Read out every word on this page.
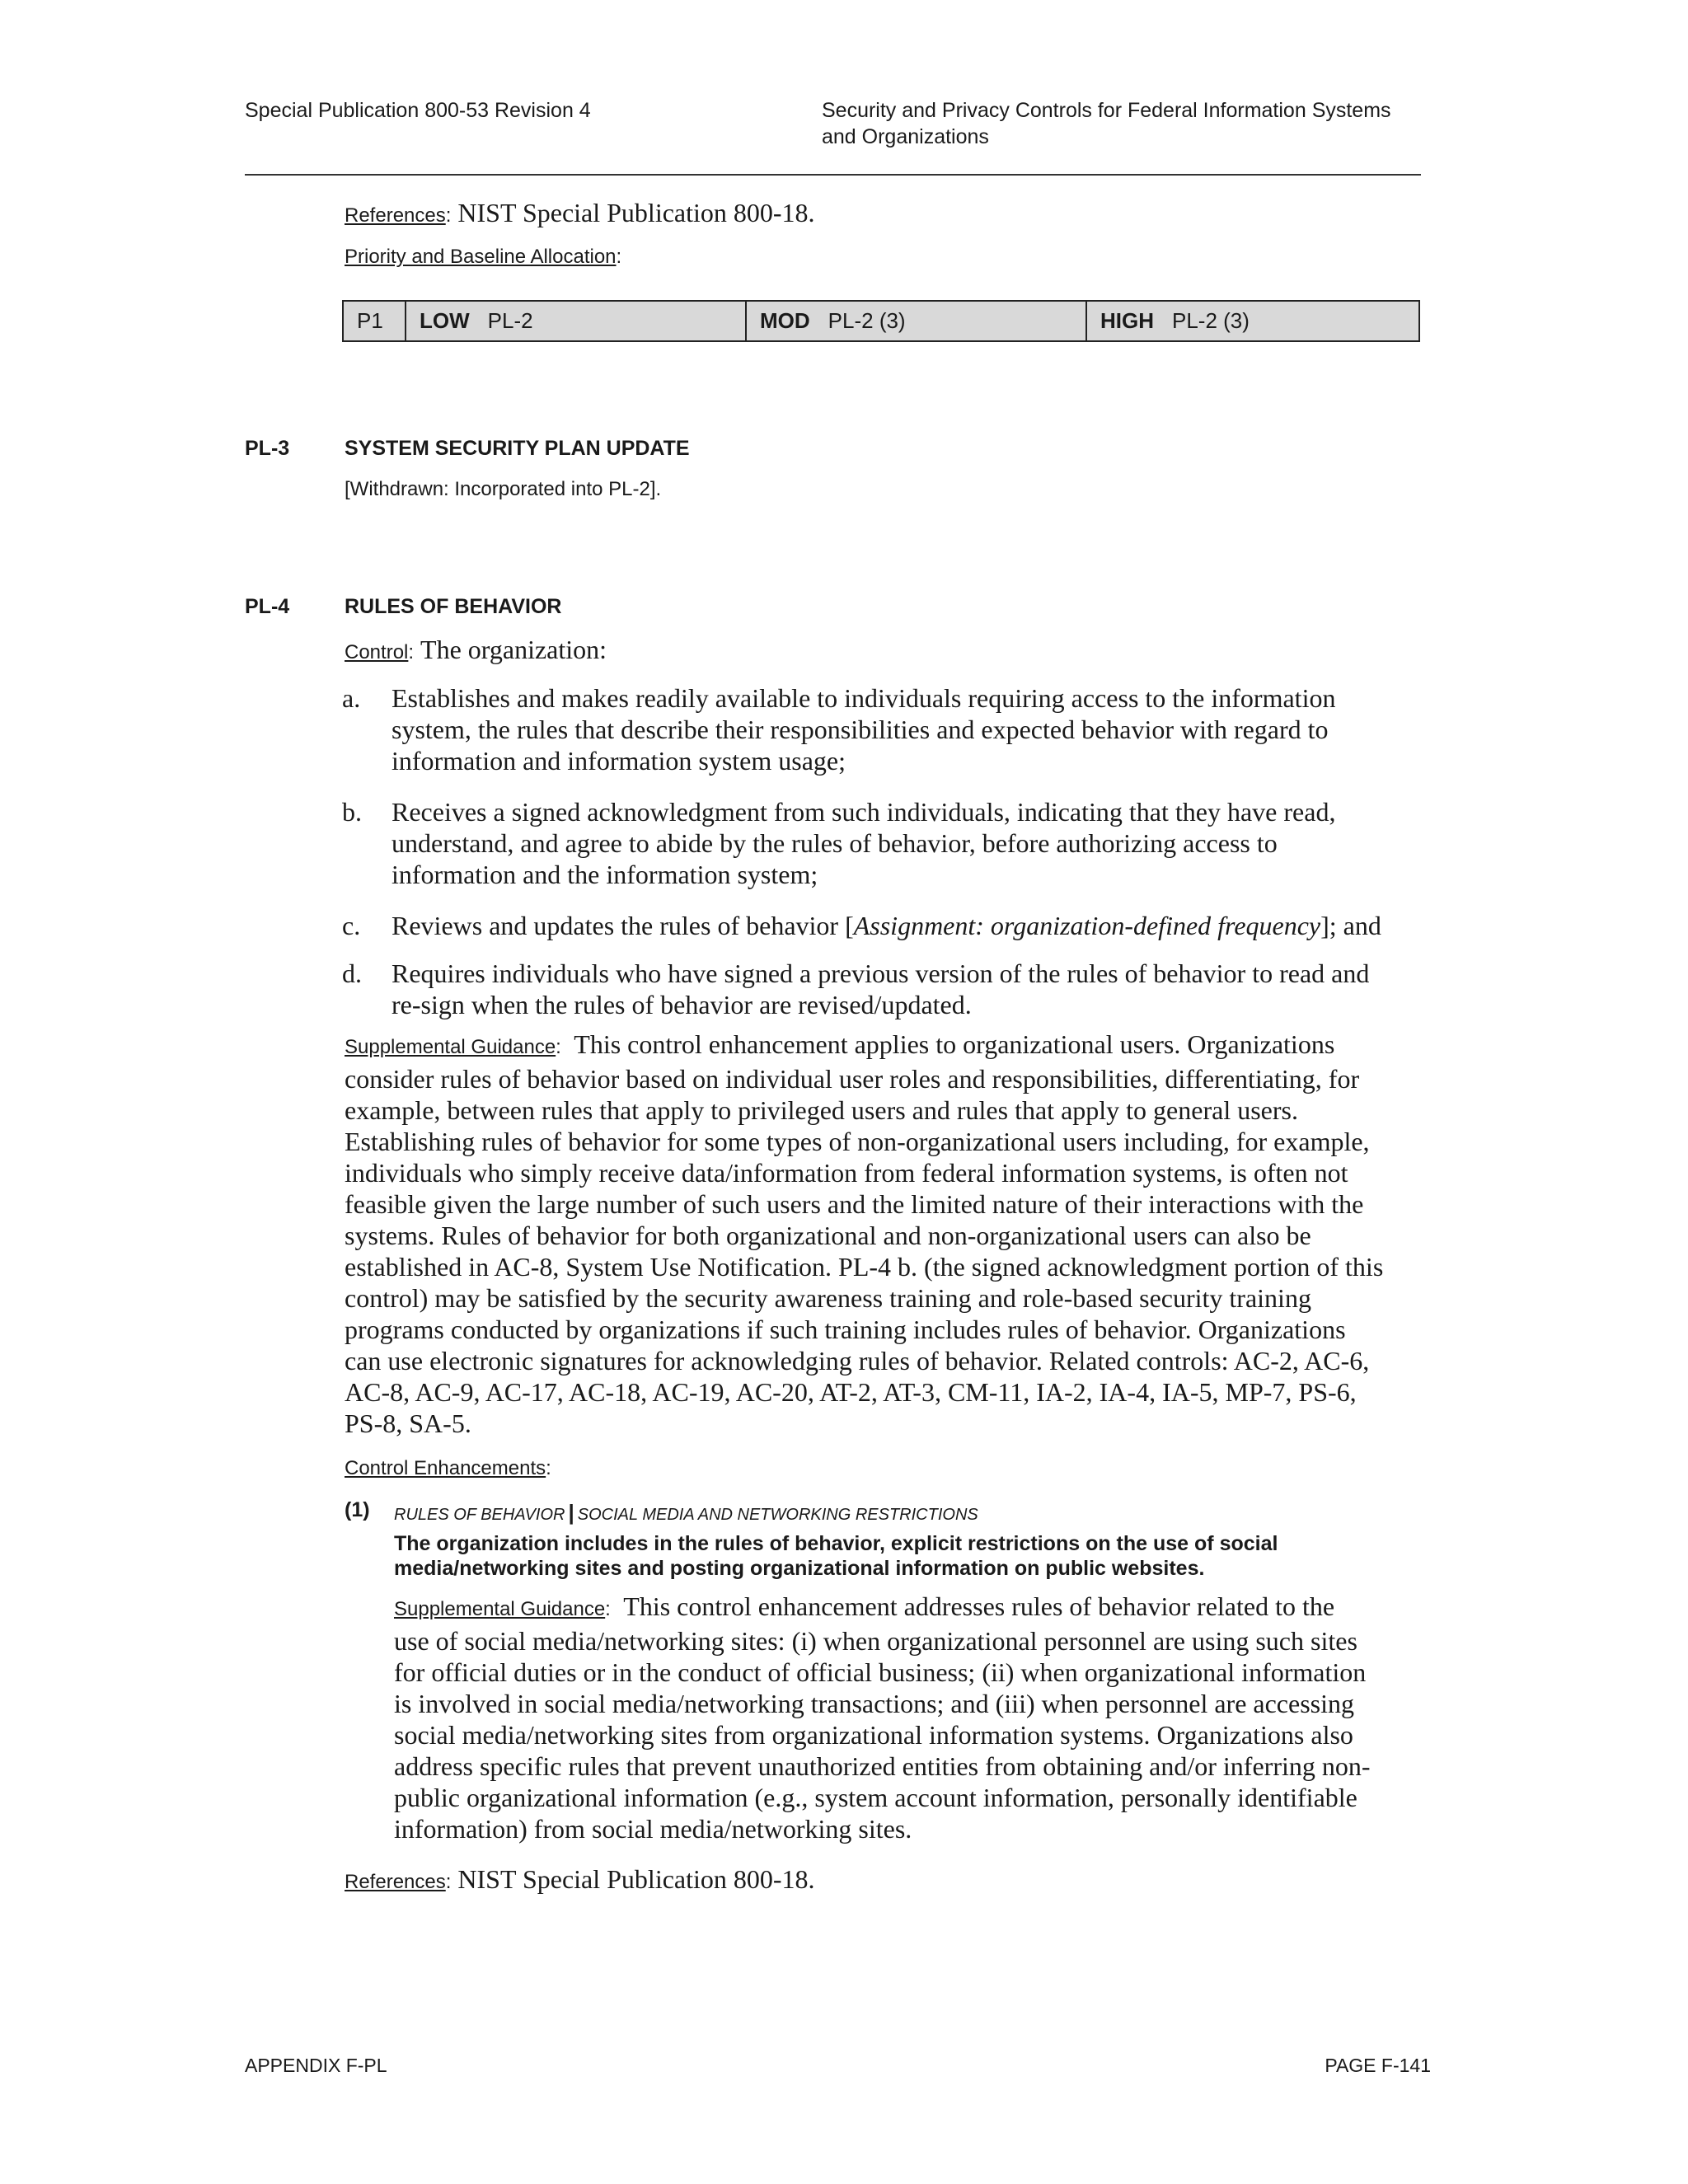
Special Publication 800-53 Revision 4	Security and Privacy Controls for Federal Information Systems
and Organizations
References: NIST Special Publication 800-18.
Priority and Baseline Allocation:
P1 LOW PL-2	MOD PL-2 (3)	HIGH PL-2 (3)
PL-3	SYSTEM SECURITY PLAN UPDATE
[Withdrawn: Incorporated into PL-2].
PL-4	RULES OF BEHAVIOR
Control: The organization:
a. Establishes and makes readily available to individuals requiring access to the information
system, the rules that describe their responsibilities and expected behavior with regard to
information and information system usage;
b. Receives a signed acknowledgment from such individuals, indicating that they have read,
understand, and agree to abide by the rules of behavior, before authorizing access to
information and the information system;
c. Reviews and updates the rules of behavior [Assignment: organization-defined frequency]; and
d. Requires individuals who have signed a previous version of the rules of behavior to read and
re-sign when the rules of behavior are revised/updated.
Supplemental Guidance: This control enhancement applies to organizational users. Organizations
consider rules of behavior based on individual user roles and responsibilities, differentiating, for
example, between rules that apply to privileged users and rules that apply to general users.
Establishing rules of behavior for some types of non-organizational users including, for example,
individuals who simply receive data/information from federal information systems, is often not
feasible given the large number of such users and the limited nature of their interactions with the
systems. Rules of behavior for both organizational and non-organizational users can also be
established in AC-8, System Use Notification. PL-4 b. (the signed acknowledgment portion of this
control) may be satisfied by the security awareness training and role-based security training
programs conducted by organizations if such training includes rules of behavior. Organizations
can use electronic signatures for acknowledging rules of behavior. Related controls: AC-2, AC-6,
AC-8, AC-9, AC-17, AC-18, AC-19, AC-20, AT-2, AT-3, CM-11, IA-2, IA-4, IA-5, MP-7, PS-6,
PS-8, SA-5.
Control Enhancements:
(1) RULES OF BEHAVIOR | SOCIAL MEDIA AND NETWORKING RESTRICTIONS
The organization includes in the rules of behavior, explicit restrictions on the use of social
media/networking sites and posting organizational information on public websites.
Supplemental Guidance: This control enhancement addresses rules of behavior related to the
use of social media/networking sites: (i) when organizational personnel are using such sites
for official duties or in the conduct of official business; (ii) when organizational information
is involved in social media/networking transactions; and (iii) when personnel are accessing
social media/networking sites from organizational information systems. Organizations also
address specific rules that prevent unauthorized entities from obtaining and/or inferring non-
public organizational information (e.g., system account information, personally identifiable
information) from social media/networking sites.
References: NIST Special Publication 800-18.
APPENDIX F-PL	PAGE F-141
